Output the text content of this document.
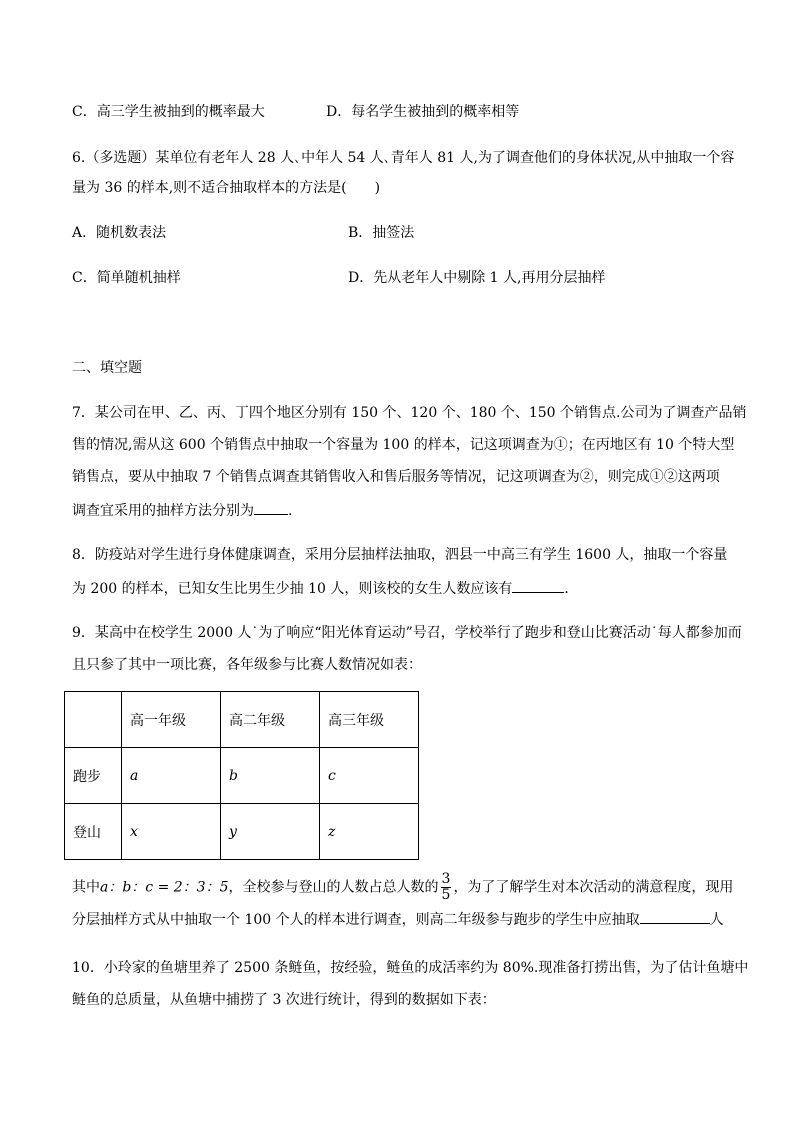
C．高三学生被抽到的概率最大	D．每名学生被抽到的概率相等
6.（多选题）某单位有老年人 28 人､中年人 54 人､青年人 81 人,为了调查他们的身体状况,从中抽取一个容
量为 36 的样本,则不适合抽取样本的方法是(　　)
A．随机数表法	B．抽签法
C．简单随机抽样	D．先从老年人中剔除 1 人,再用分层抽样
二、填空题
7．某公司在甲、乙、丙、丁四个地区分别有 150 个、120 个、180 个、150 个销售点.公司为了调查产品销
售的情况,需从这 600 个销售点中抽取一个容量为 100 的样本，记这项调查为①；在丙地区有 10 个特大型
销售点，要从中抽取 7 个销售点调查其销售收入和售后服务等情况，记这项调查为②，则完成①②这两项
调查宜采用的抽样方法分别为 .
8．防疫站对学生进行身体健康调查，采用分层抽样法抽取，泗县一中高三有学生 1600 人，抽取一个容量
为 200 的样本，已知女生比男生少抽 10 人，则该校的女生人数应该有	．
9．某高中在校学生 2000 人˙为了响应“阳光体育运动”号召，学校举行了跑步和登山比赛活动˙每人都参加而
且只参了其中一项比赛，各年级参与比赛人数情况如表：
	高一年级	高二年级	高三年级
跑步	a	b	c
登山	x	y	z
其中a：b：c = 2：3：5，全校参与登山的人数占总人数的 $\frac{3}{5}$ ，为了了解学生对本次活动的满意程度，现用
分层抽样方式从中抽取一个 100 个人的样本进行调查，则高二年级参与跑步的学生中应抽取	人
10．小玲家的鱼塘里养了 2500 条鲢鱼，按经验，鲢鱼的成活率约为 80%.现准备打捞出售，为了估计鱼塘中
鲢鱼的总质量，从鱼塘中捕捞了 3 次进行统计，得到的数据如下表：
